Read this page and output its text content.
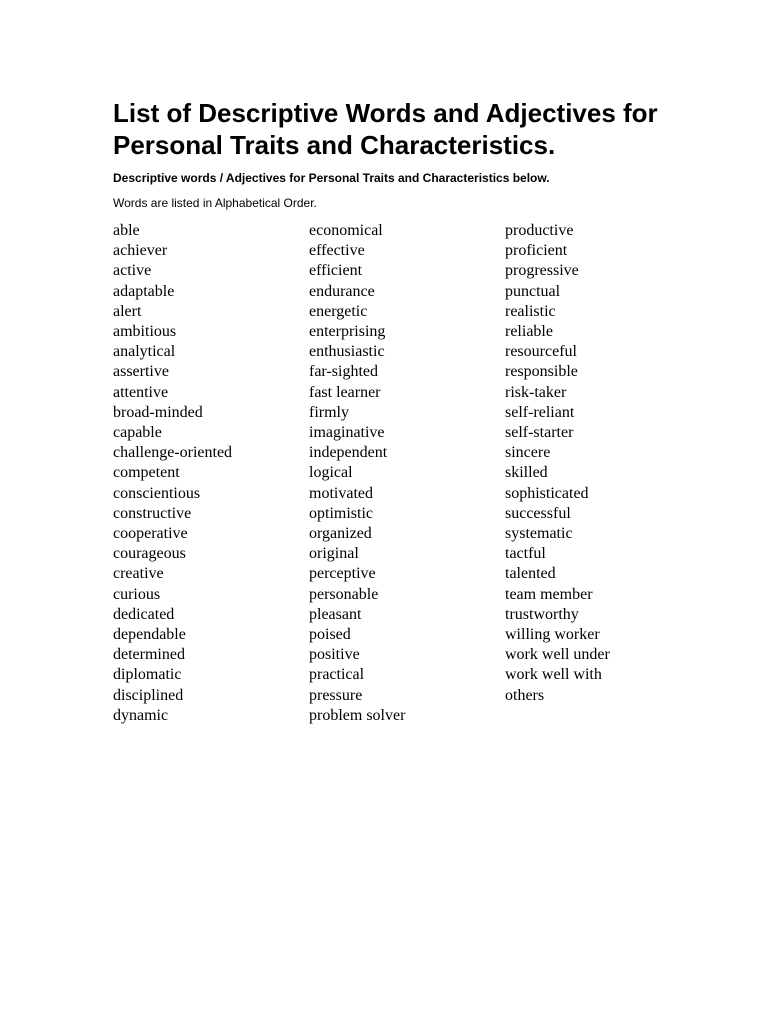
List of Descriptive Words and Adjectives for Personal Traits and Characteristics.

Descriptive words / Adjectives for Personal Traits and Characteristics below.

Words are listed in Alphabetical Order.

able
achiever
active
adaptable
alert
ambitious
analytical
assertive
attentive
broad-minded
capable
challenge-oriented
competent
conscientious
constructive
cooperative
courageous
creative
curious
dedicated
dependable
determined
diplomatic
disciplined
dynamic
economical
effective
efficient
endurance
energetic
enterprising
enthusiastic
far-sighted
fast learner
firmly
imaginative
independent
logical
motivated
optimistic
organized
original
perceptive
personable
pleasant
poised
positive
practical
pressure
problem solver
productive
proficient
progressive
punctual
realistic
reliable
resourceful
responsible
risk-taker
self-reliant
self-starter
sincere
skilled
sophisticated
successful
systematic
tactful
talented
team member
trustworthy
willing worker
work well under
work well with
others
